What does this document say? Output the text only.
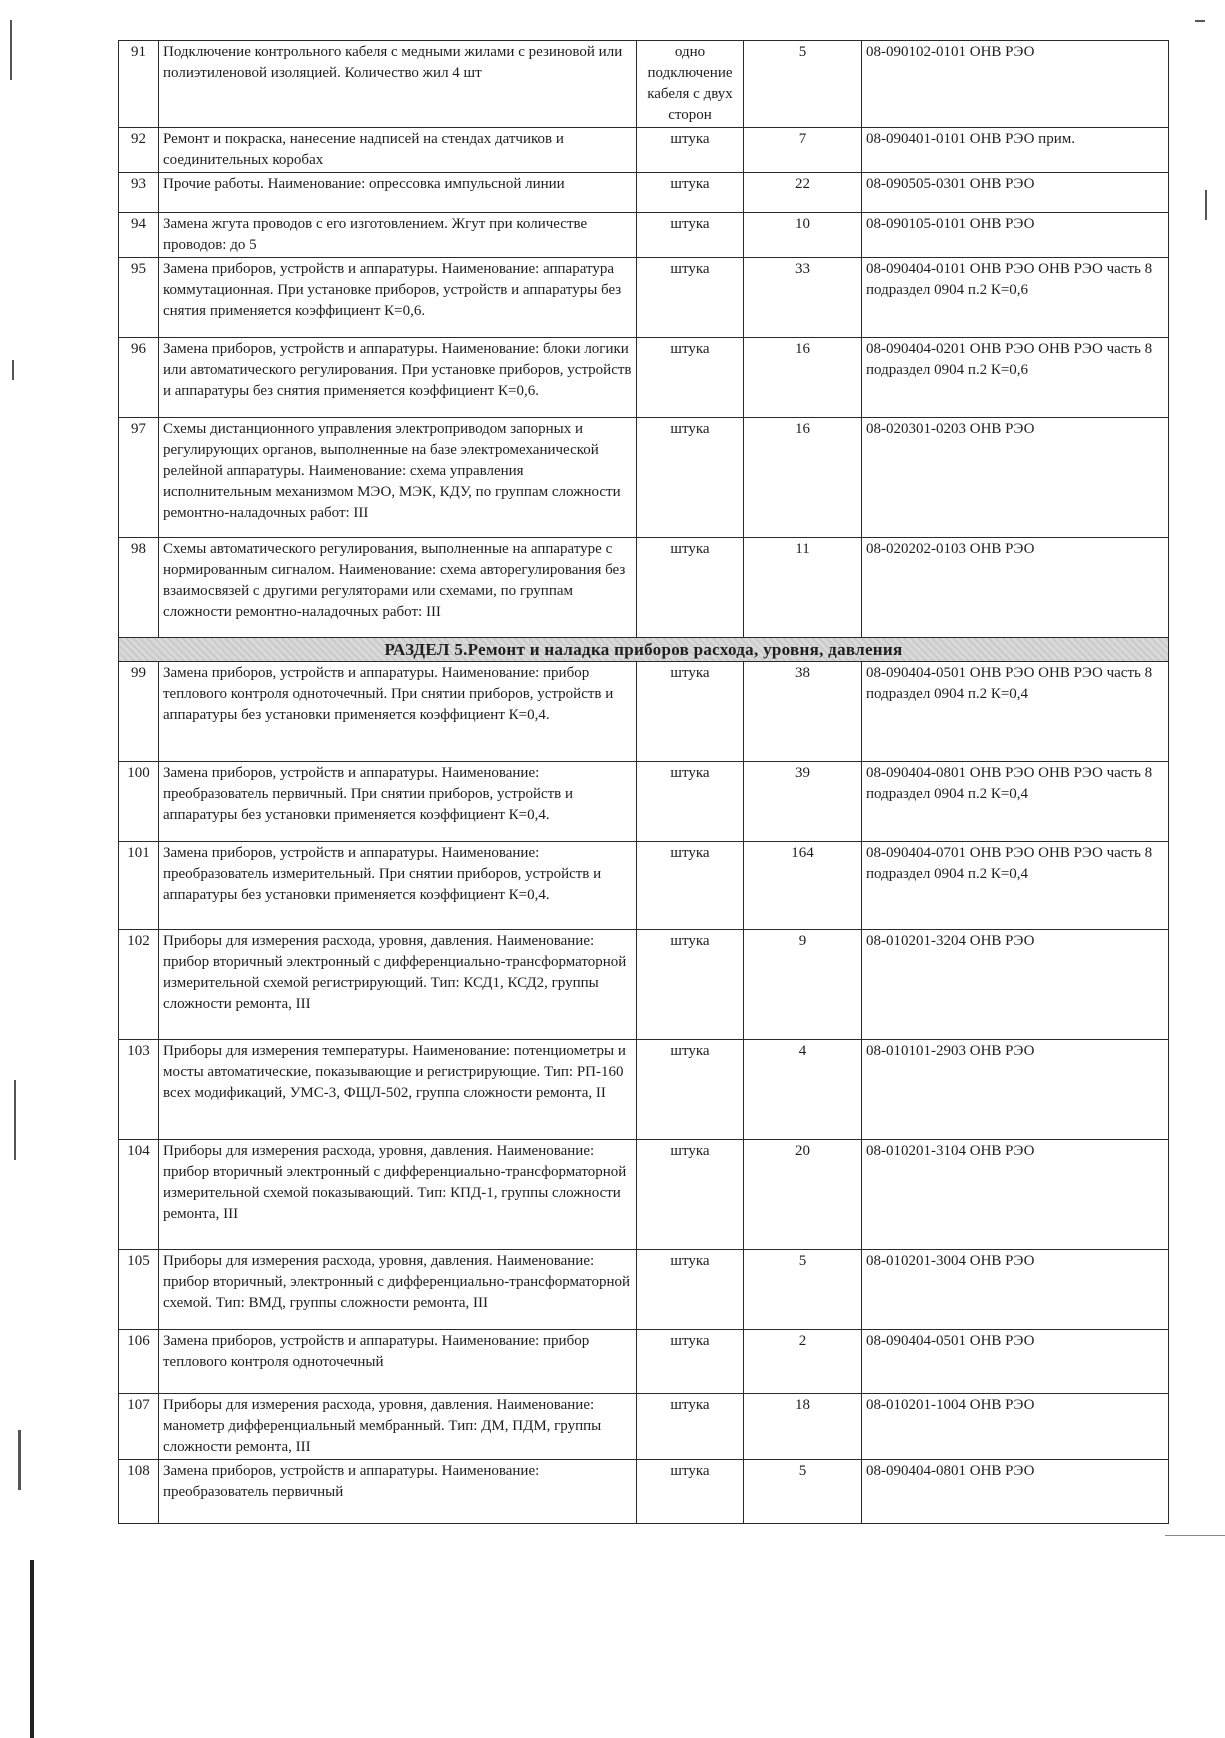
91	Подключение контрольного кабеля с медными жилами с резиновой или полиэтиленовой изоляцией. Количество жил 4 шт	одно подключение кабеля с двух сторон	5	08-090102-0101 ОНВ РЭО
92	Ремонт и покраска, нанесение надписей на стендах датчиков и соединительных коробах	штука	7	08-090401-0101 ОНВ РЭО прим.
93	Прочие работы. Наименование: опрессовка импульсной линии	штука	22	08-090505-0301 ОНВ РЭО
94	Замена жгута проводов с его изготовлением. Жгут при количестве проводов: до 5	штука	10	08-090105-0101 ОНВ РЭО
95	Замена приборов, устройств и аппаратуры. Наименование: аппаратура коммутационная. При установке приборов, устройств и аппаратуры без снятия применяется коэффициент К=0,6.	штука	33	08-090404-0101 ОНВ РЭО ОНВ РЭО часть 8 подраздел 0904 п.2 К=0,6
96	Замена приборов, устройств и аппаратуры. Наименование: блоки логики или автоматического регулирования. При установке приборов, устройств и аппаратуры без снятия применяется коэффициент К=0,6.	штука	16	08-090404-0201 ОНВ РЭО ОНВ РЭО часть 8 подраздел 0904 п.2 К=0,6
97	Схемы дистанционного управления электроприводом запорных и регулирующих органов, выполненные на базе электромеханической релейной аппаратуры. Наименование: схема управления исполнительным механизмом МЭО, МЭК, КДУ, по группам сложности ремонтно-наладочных работ: III	штука	16	08-020301-0203 ОНВ РЭО
98	Схемы автоматического регулирования, выполненные на аппаратуре с нормированным сигналом. Наименование: схема авторегулирования без взаимосвязей с другими регуляторами или схемами, по группам сложности ремонтно-наладочных работ: III	штука	11	08-020202-0103 ОНВ РЭО
РАЗДЕЛ 5.Ремонт и наладка приборов расхода, уровня, давления				
99	Замена приборов, устройств и аппаратуры. Наименование: прибор теплового контроля одноточечный. При снятии приборов, устройств и аппаратуры без установки применяется коэффициент К=0,4.	штука	38	08-090404-0501 ОНВ РЭО ОНВ РЭО часть 8 подраздел 0904 п.2 К=0,4
100	Замена приборов, устройств и аппаратуры. Наименование: преобразователь первичный. При снятии приборов, устройств и аппаратуры без установки применяется коэффициент К=0,4.	штука	39	08-090404-0801 ОНВ РЭО ОНВ РЭО часть 8 подраздел 0904 п.2 К=0,4
101	Замена приборов, устройств и аппаратуры. Наименование: преобразователь измерительный. При снятии приборов, устройств и аппаратуры без установки применяется коэффициент К=0,4.	штука	164	08-090404-0701 ОНВ РЭО ОНВ РЭО часть 8 подраздел 0904 п.2 К=0,4
102	Приборы для измерения расхода, уровня, давления. Наименование: прибор вторичный электронный с дифференциально-трансформаторной измерительной схемой регистрирующий. Тип: КСД1, КСД2, группы сложности ремонта, III	штука	9	08-010201-3204 ОНВ РЭО
103	Приборы для измерения температуры. Наименование: потенциометры и мосты автоматические, показывающие и регистрирующие. Тип: РП-160 всех модификаций, УМС-3, ФЩЛ-502, группа сложности ремонта, II	штука	4	08-010101-2903 ОНВ РЭО
104	Приборы для измерения расхода, уровня, давления. Наименование: прибор вторичный электронный с дифференциально-трансформаторной измерительной схемой показывающий. Тип: КПД-1, группы сложности ремонта, III	штука	20	08-010201-3104 ОНВ РЭО
105	Приборы для измерения расхода, уровня, давления. Наименование: прибор вторичный, электронный с дифференциально-трансформаторной схемой. Тип: ВМД, группы сложности ремонта, III	штука	5	08-010201-3004 ОНВ РЭО
106	Замена приборов, устройств и аппаратуры. Наименование: прибор теплового контроля одноточечный	штука	2	08-090404-0501 ОНВ РЭО
107	Приборы для измерения расхода, уровня, давления. Наименование: манометр дифференциальный мембранный. Тип: ДМ, ПДМ, группы сложности ремонта, III	штука	18	08-010201-1004 ОНВ РЭО
108	Замена приборов, устройств и аппаратуры. Наименование: преобразователь первичный	штука	5	08-090404-0801 ОНВ РЭО
